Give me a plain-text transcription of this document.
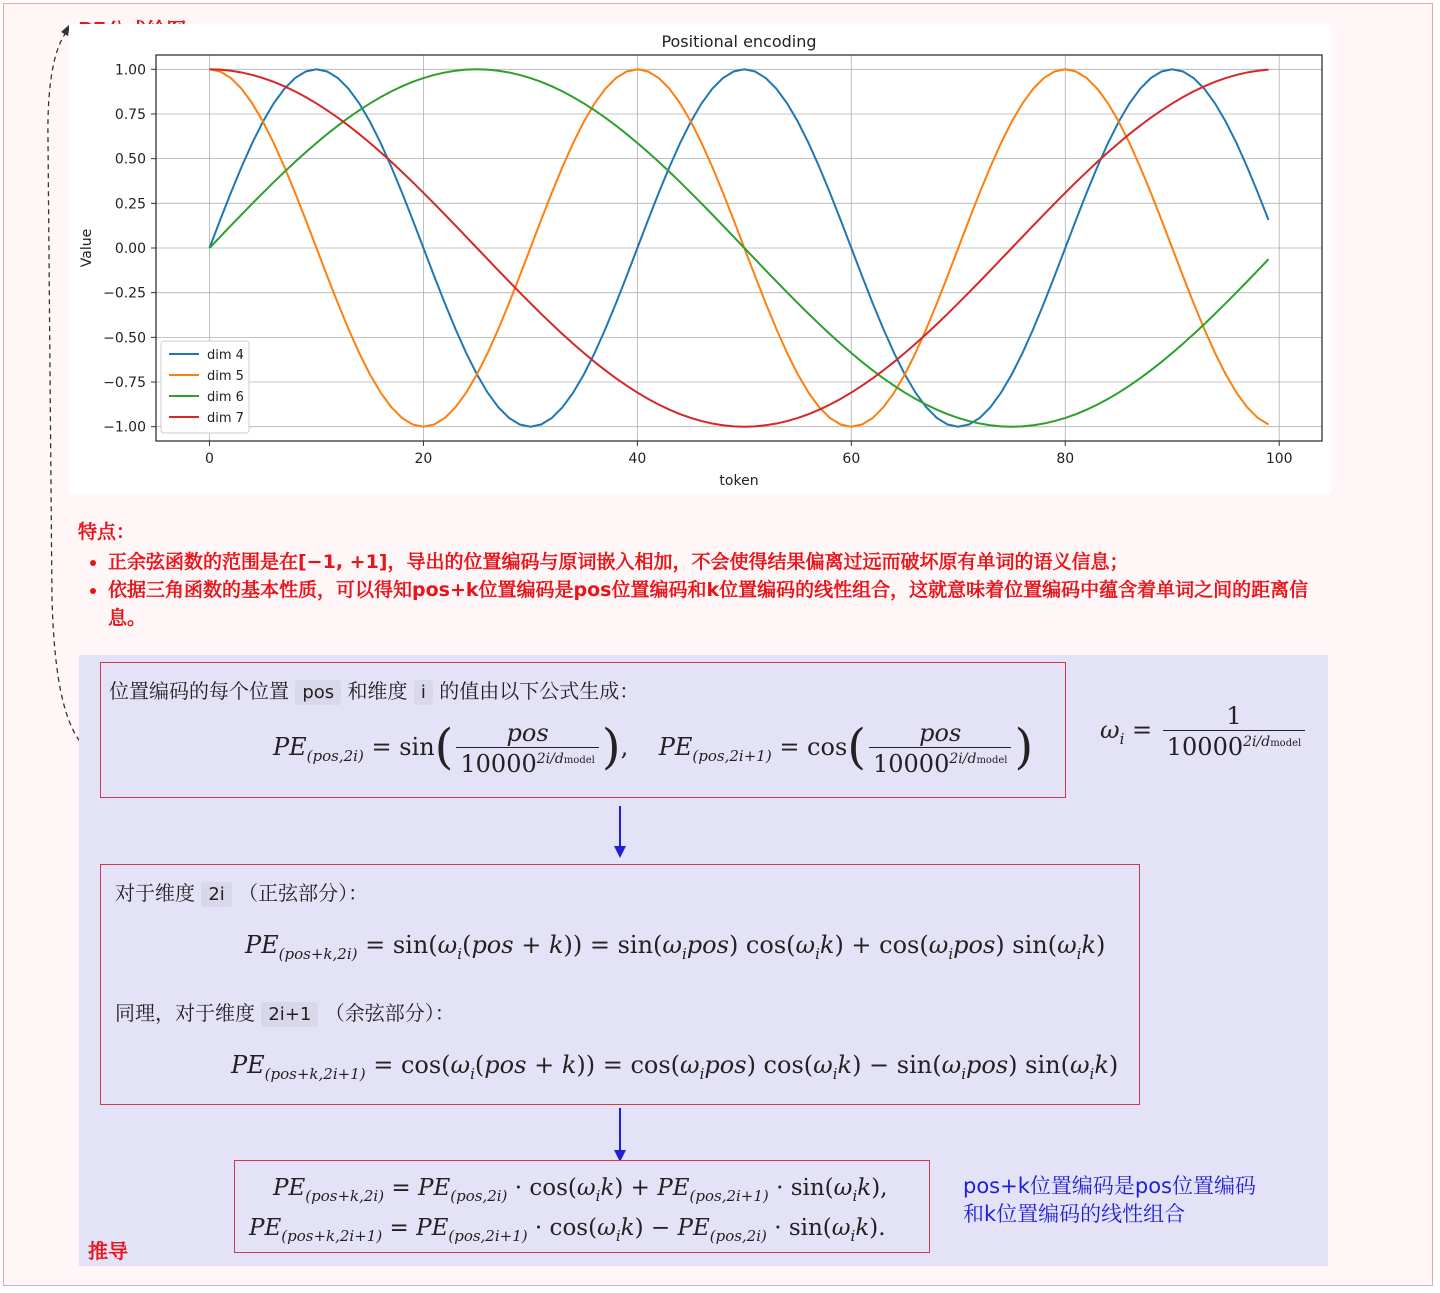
0	20	40	60	80	100
1.00
0.75
0.50
0.25
0.00
−0.25
−0.50
−0.75
−1.00
Positional encoding
token
Value
dim 4
dim 5
dim 6
dim 7
特点：
• 正余弦函数的范围是在[−1, +1]，导出的位置编码与原词嵌入相加，不会使得结果偏离过远而破坏原有单词的语义信息；
• 依据三角函数的基本性质，可以得知pos+k位置编码是pos位置编码和k位置编码的线性组合，这就意味着位置编码中蕴含着单词之间的距离信息。
位置编码的每个位置 pos 和维度 i 的值由以下公式生成：
$PE_{(pos,2i)} = \sin( \frac{\text{pos}}{10000^{2i/dmodel}}$ ),    $PE_{(pos,2i+1)} = \cos( \frac{\text{pos}}{10000^{2i/dmodel}}$ )	$\omega_i = \frac{1}{10000^{2i/dmodel}}$
对于维度 2i （正弦部分）：
$PE_{(pos+k,2i)} = \sin(\omega_i(pos + k)) = \sin(\omega_ipos) \cos(\omega_ik) + \cos(\omega_ipos)$ $\sin(\omega_ik)$
同理，对于维度 2i+1 （余弦部分）：
$PE_{(pos+k,2i+1)} = \cos(\omega_i(pos + k)) = \cos(\omega_ipos) \cos(\omega_ik) - \sin(\omega_ipos)$ $\sin(\omega_ik)$
$PE_{(pos+k,2i)} = PE_{(pos,2i)} \cdot \cos(\omega_ik) + PE_{(pos,2i+1)} \cdot \sin(\omega_ik)$,
$PE_{(pos+k,2i+1)} = PE_{(pos,2i+1)} \cdot \cos(\omega_ik) - PE_{(pos,2i)} \cdot \sin(\omega_ik)$.
推导
pos+k位置编码是pos位置编码
和k位置编码的线性组合
